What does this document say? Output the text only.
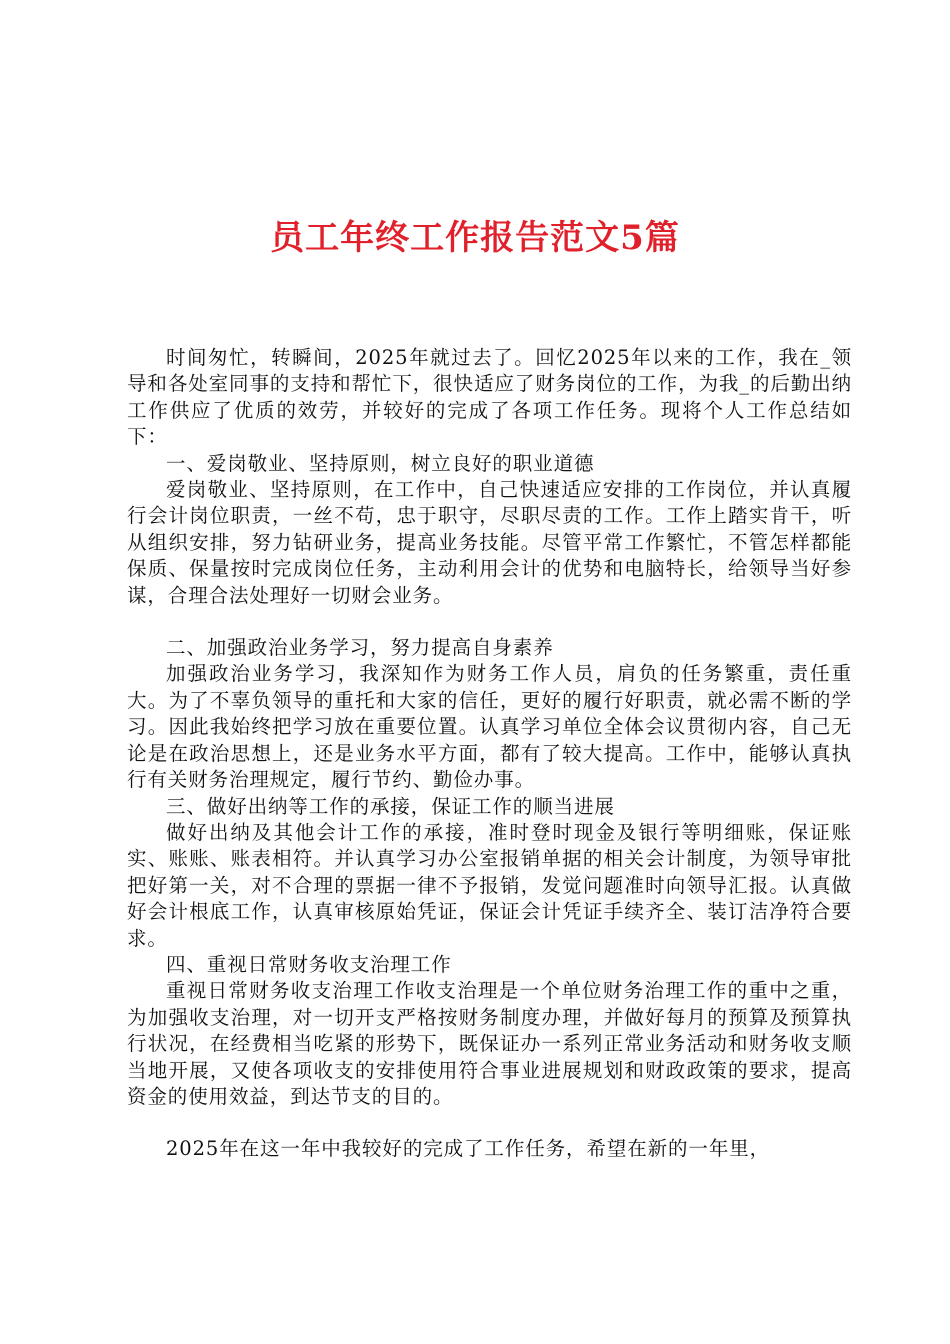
员工年终工作报告范文5篇

时间匆忙，转瞬间，2025年就过去了。回忆2025年以来的工作，我在_领导和各处室同事的支持和帮忙下，很快适应了财务岗位的工作，为我_的后勤出纳工作供应了优质的效劳，并较好的完成了各项工作任务。现将个人工作总结如下：

一、爱岗敬业、坚持原则，树立良好的职业道德

爱岗敬业、坚持原则，在工作中，自己快速适应安排的工作岗位，并认真履行会计岗位职责，一丝不苟，忠于职守，尽职尽责的工作。工作上踏实肯干，听从组织安排，努力钻研业务，提高业务技能。尽管平常工作繁忙，不管怎样都能保质、保量按时完成岗位任务，主动利用会计的优势和电脑特长，给领导当好参谋，合理合法处理好一切财会业务。

二、加强政治业务学习，努力提高自身素养

加强政治业务学习，我深知作为财务工作人员，肩负的任务繁重，责任重大。为了不辜负领导的重托和大家的信任，更好的履行好职责，就必需不断的学习。因此我始终把学习放在重要位置。认真学习单位全体会议贯彻内容，自己无论是在政治思想上，还是业务水平方面，都有了较大提高。工作中，能够认真执行有关财务治理规定，履行节约、勤俭办事。

三、做好出纳等工作的承接，保证工作的顺当进展

做好出纳及其他会计工作的承接，准时登时现金及银行等明细账，保证账实、账账、账表相符。并认真学习办公室报销单据的相关会计制度，为领导审批把好第一关，对不合理的票据一律不予报销，发觉问题准时向领导汇报。认真做好会计根底工作，认真审核原始凭证，保证会计凭证手续齐全、装订洁净符合要求。

四、重视日常财务收支治理工作

重视日常财务收支治理工作收支治理是一个单位财务治理工作的重中之重，为加强收支治理，对一切开支严格按财务制度办理，并做好每月的预算及预算执行状况，在经费相当吃紧的形势下，既保证办一系列正常业务活动和财务收支顺当地开展，又使各项收支的安排使用符合事业进展规划和财政政策的要求，提高资金的使用效益，到达节支的目的。

2025年在这一年中我较好的完成了工作任务，希望在新的一年里，
